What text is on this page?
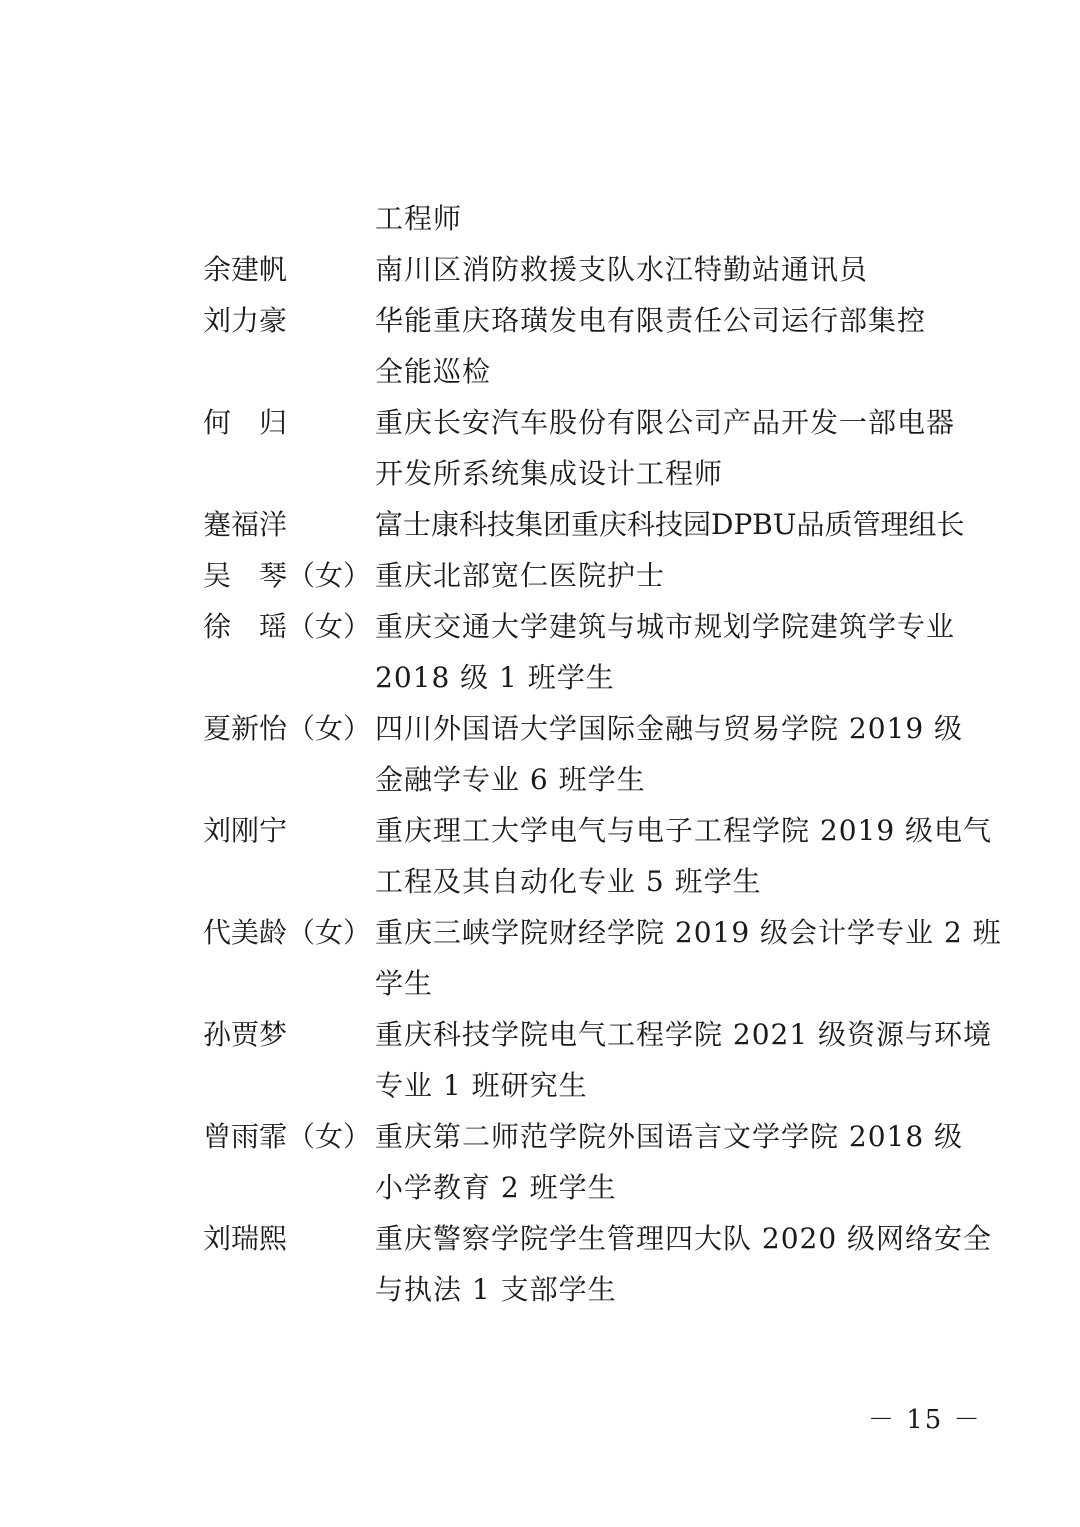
工程师
余建帆	南川区消防救援支队水江特勤站通讯员
刘力豪	华能重庆珞璜发电有限责任公司运行部集控
全能巡检
何　归	重庆长安汽车股份有限公司产品开发一部电器
开发所系统集成设计工程师
蹇福洋	富士康科技集团重庆科技园DPBU品质管理组长
吴　琴（女） 重庆北部宽仁医院护士
徐　瑶（女） 重庆交通大学建筑与城市规划学院建筑学专业
2018 级 1 班学生
夏新怡（女） 四川外国语大学国际金融与贸易学院 2019 级
金融学专业 6 班学生
刘刚宁	重庆理工大学电气与电子工程学院 2019 级电气
工程及其自动化专业 5 班学生
代美龄（女） 重庆三峡学院财经学院 2019 级会计学专业 2 班
学生
孙贾梦	重庆科技学院电气工程学院 2021 级资源与环境
专业 1 班研究生
曾雨霏（女） 重庆第二师范学院外国语言文学学院 2018 级
小学教育 2 班学生
刘瑞熙	重庆警察学院学生管理四大队 2020 级网络安全
与执法 1 支部学生
－ 15 －
